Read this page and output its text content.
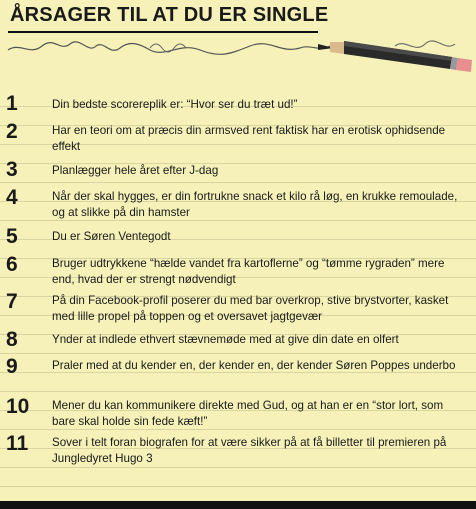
ÅRSAGER TIL AT DU ER SINGLE
1	Din bedste scorereplik er: “Hvor ser du træt ud!”
2	Har en teori om at præcis din armsved rent faktisk har en erotisk ophidsende effekt
3	Planlægger hele året efter J-dag
4	Når der skal hygges, er din fortrukne snack et kilo rå løg, en krukke remoulade, og at slikke på din hamster
5	Du er Søren Ventegodt
6	Bruger udtrykkene “hælde vandet fra kartoflerne” og “tømme rygraden” mere end, hvad der er strengt nødvendigt
7	På din Facebook-profil poserer du med bar overkrop, stive brystvorter, kasket med lille propel på toppen og et oversavet jagtgevær
8	Ynder at indlede ethvert stævnemøde med at give din date en olfert
9	Praler med at du kender en, der kender en, der kender Søren Poppes underbo
10	Mener du kan kommunikere direkte med Gud, og at han er en “stor lort, som bare skal holde sin fede kæft!”
11	Sover i telt foran biografen for at være sikker på at få billetter til premieren på Jungledyret Hugo 3
